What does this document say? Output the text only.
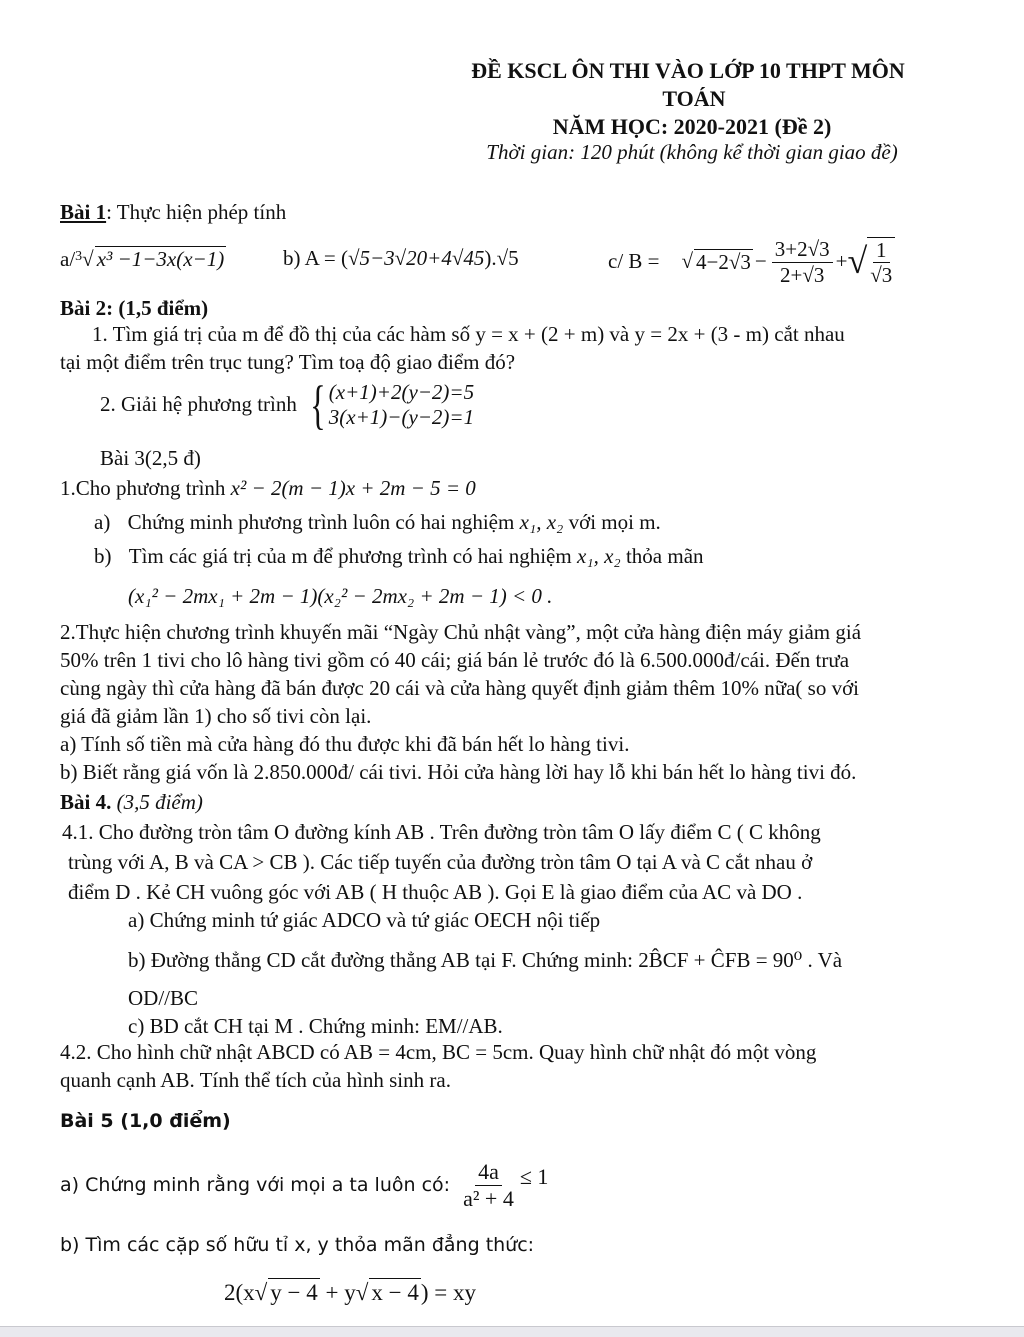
ĐỀ KSCL ÔN THI VÀO LỚP 10 THPT MÔN
TOÁN
NĂM HỌC: 2020-2021 (Đề 2)
Thời gian: 120 phút (không kể thời gian giao đề)
Bài 1: Thực hiện phép tính
a/$^3$√ x³ −1−3x(x−1)	b) A = (√5−3√20+4√45).√5	c/ B = √ $4-2√3 - \frac{3+2√3}{2+√3}$ + √ $\frac{1}{√3}$
Bài 2: (1,5 điểm)
1. Tìm giá trị của m để đồ thị của các hàm số y = x + (2 + m) và y = 2x + (3 - m) cắt nhau
tại một điểm trên trục tung? Tìm toạ độ giao điểm đó?
2. Giải hệ phương trình { (x+1)+2(y−2)=5
3(x+1)−(y−2)=1
Bài 3(2,5 đ)
1.Cho phương trình x² − 2(m − 1)x + 2m − 5 = 0
a) Chứng minh phương trình luôn có hai nghiệm x₁, x₂ với mọi m.
b) Tìm các giá trị của m để phương trình có hai nghiệm x₁, x₂ thỏa mãn
(x₁² − 2mx₁ + 2m − 1)(x₂² − 2mx₂ + 2m − 1) < 0 .
2.Thực hiện chương trình khuyến mãi “Ngày Chủ nhật vàng”, một cửa hàng điện máy giảm giá
50% trên 1 tivi cho lô hàng tivi gồm có 40 cái; giá bán lẻ trước đó là 6.500.000đ/cái. Đến trưa
cùng ngày thì cửa hàng đã bán được 20 cái và cửa hàng quyết định giảm thêm 10% nữa( so với
giá đã giảm lần 1) cho số tivi còn lại.
a) Tính số tiền mà cửa hàng đó thu được khi đã bán hết lo hàng tivi.
b) Biết rằng giá vốn là 2.850.000đ/ cái tivi. Hỏi cửa hàng lời hay lỗ khi bán hết lo hàng tivi đó.
Bài 4. (3,5 điểm)
4.1. Cho đường tròn tâm O đường kính AB . Trên đường tròn tâm O lấy điểm C ( C không
trùng với A, B và CA > CB ). Các tiếp tuyến của đường tròn tâm O tại A và C cắt nhau ở
điểm D . Kẻ CH vuông góc với AB ( H thuộc AB ). Gọi E là giao điểm của AC và DO .
a) Chứng minh tứ giác ADCO và tứ giác OECH nội tiếp
b) Đường thẳng CD cắt đường thẳng AB tại F. Chứng minh: 2B̂CF + ĈFB = 90⁰ . Và
OD//BC
c) BD cắt CH tại M . Chứng minh: EM//AB.
4.2. Cho hình chữ nhật ABCD có AB = 4cm, BC = 5cm. Quay hình chữ nhật đó một vòng
quanh cạnh AB. Tính thể tích của hình sinh ra.
Bài 5 (1,0 điểm)
a) Chứng minh rằng với mọi a ta luôn có: $\frac{4a}{\text{a² + 4}} \le 1$
b) Tìm các cặp số hữu tỉ x, y thỏa mãn đẳng thức:
2(x√ y − 4 + y√ x − 4) = xy
